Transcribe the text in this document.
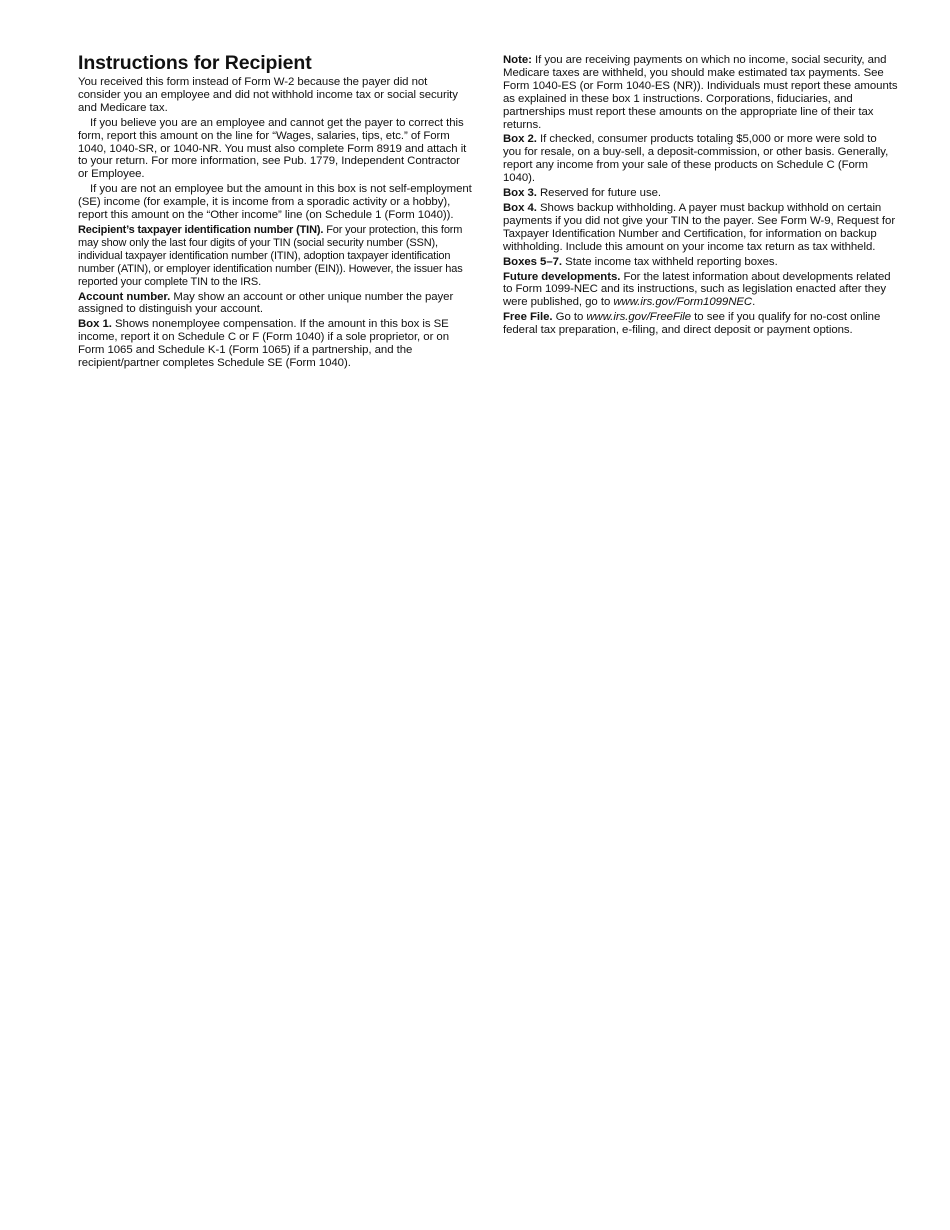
Instructions for Recipient

You received this form instead of Form W-2 because the payer did not consider you an employee and did not withhold income tax or social security and Medicare tax.

If you believe you are an employee and cannot get the payer to correct this form, report this amount on the line for “Wages, salaries, tips, etc.” of Form 1040, 1040-SR, or 1040-NR. You must also complete Form 8919 and attach it to your return. For more information, see Pub. 1779, Independent Contractor or Employee.

If you are not an employee but the amount in this box is not self-employment (SE) income (for example, it is income from a sporadic activity or a hobby), report this amount on the “Other income” line (on Schedule 1 (Form 1040)).

Recipient’s taxpayer identification number (TIN). For your protection, this form may show only the last four digits of your TIN (social security number (SSN), individual taxpayer identification number (ITIN), adoption taxpayer identification number (ATIN), or employer identification number (EIN)). However, the issuer has reported your complete TIN to the IRS.

Account number. May show an account or other unique number the payer assigned to distinguish your account.

Box 1. Shows nonemployee compensation. If the amount in this box is SE income, report it on Schedule C or F (Form 1040) if a sole proprietor, or on Form 1065 and Schedule K-1 (Form 1065) if a partnership, and the recipient/partner completes Schedule SE (Form 1040).

Note: If you are receiving payments on which no income, social security, and Medicare taxes are withheld, you should make estimated tax payments. See Form 1040-ES (or Form 1040-ES (NR)). Individuals must report these amounts as explained in these box 1 instructions. Corporations, fiduciaries, and partnerships must report these amounts on the appropriate line of their tax returns.

Box 2. If checked, consumer products totaling $5,000 or more were sold to you for resale, on a buy-sell, a deposit-commission, or other basis. Generally, report any income from your sale of these products on Schedule C (Form 1040).

Box 3. Reserved for future use.

Box 4. Shows backup withholding. A payer must backup withhold on certain payments if you did not give your TIN to the payer. See Form W-9, Request for Taxpayer Identification Number and Certification, for information on backup withholding. Include this amount on your income tax return as tax withheld.

Boxes 5–7. State income tax withheld reporting boxes.

Future developments. For the latest information about developments related to Form 1099-NEC and its instructions, such as legislation enacted after they were published, go to www.irs.gov/Form1099NEC.

Free File. Go to www.irs.gov/FreeFile to see if you qualify for no-cost online federal tax preparation, e-filing, and direct deposit or payment options.
